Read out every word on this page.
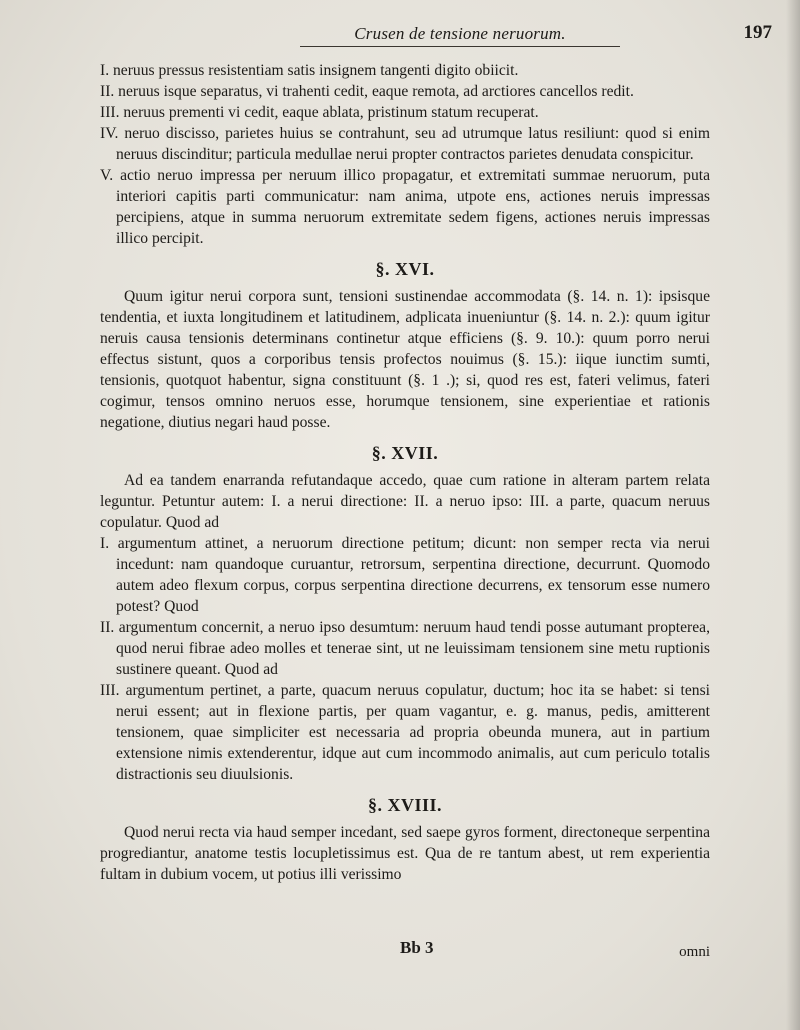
Crusen de tensione neruorum.	197
I. neruus pressus resistentiam satis insignem tangenti digito obiicit.
II. neruus isque separatus, vi trahenti cedit, eaque remota, ad arctiores cancellos redit.
III. neruus prementi vi cedit, eaque ablata, pristinum statum recuperat.
IV. neruo discisso, parietes huius se contrahunt, seu ad utrumque latus resiliunt: quod si enim neruus discinditur; particula medullae nerui propter contractos parietes denudata conspicitur.
V. actio neruo impressa per neruum illico propagatur, et extremitati summae neruorum, puta interiori capitis parti communicatur: nam anima, utpote ens, actiones neruis impressas percipiens, atque in summa neruorum extremitate sedem figens, actiones neruis impressas illico percipit.
§. XVI.
Quum igitur nerui corpora sunt, tensioni sustinendae accommodata (§. 14. n. 1): ipsisque tendentia, et iuxta longitudinem et latitudinem, adplicata inueniuntur (§. 14. n. 2.): quum igitur neruis causa tensionis determinans continetur atque efficiens (§. 9. 10.): quum porro nerui effectus sistunt, quos a corporibus tensis profectos nouimus (§. 15.): iique iunctim sumti, tensionis, quotquot habentur, signa constituunt (§. 1 .); si, quod res est, fateri velimus, fateri cogimur, tensos omnino neruos esse, horumque tensionem, sine experientiae et rationis negatione, diutius negari haud posse.
§. XVII.
Ad ea tandem enarranda refutandaque accedo, quae cum ratione in alteram partem relata leguntur. Petuntur autem: I. a nerui directione: II. a neruo ipso: III. a parte, quacum neruus copulatur. Quod ad
I. argumentum attinet, a neruorum directione petitum; dicunt: non semper recta via nerui incedunt: nam quandoque curuantur, retrorsum, serpentina directione, decurrunt. Quomodo autem adeo flexum corpus, corpus serpentina directione decurrens, ex tensorum esse numero potest? Quod
II. argumentum concernit, a neruo ipso desumtum: neruum haud tendi posse autumant propterea, quod nerui fibrae adeo molles et tenerae sint, ut ne leuissimam tensionem sine metu ruptionis sustinere queant. Quod ad
III. argumentum pertinet, a parte, quacum neruus copulatur, ductum; hoc ita se habet: si tensi nerui essent; aut in flexione partis, per quam vagantur, e. g. manus, pedis, amitterent tensionem, quae simpliciter est necessaria ad propria obeunda munera, aut in partium extensione nimis extenderentur, idque aut cum incommodo animalis, aut cum periculo totalis distractionis seu diuulsionis.
§. XVIII.
Quod nerui recta via haud semper incedant, sed saepe gyros forment, directoneque serpentina progrediantur, anatome testis locupletissimus est. Qua de re tantum abest, ut rem experientia fultam in dubium vocem, ut potius illi verissimo
Bb 3	omni
